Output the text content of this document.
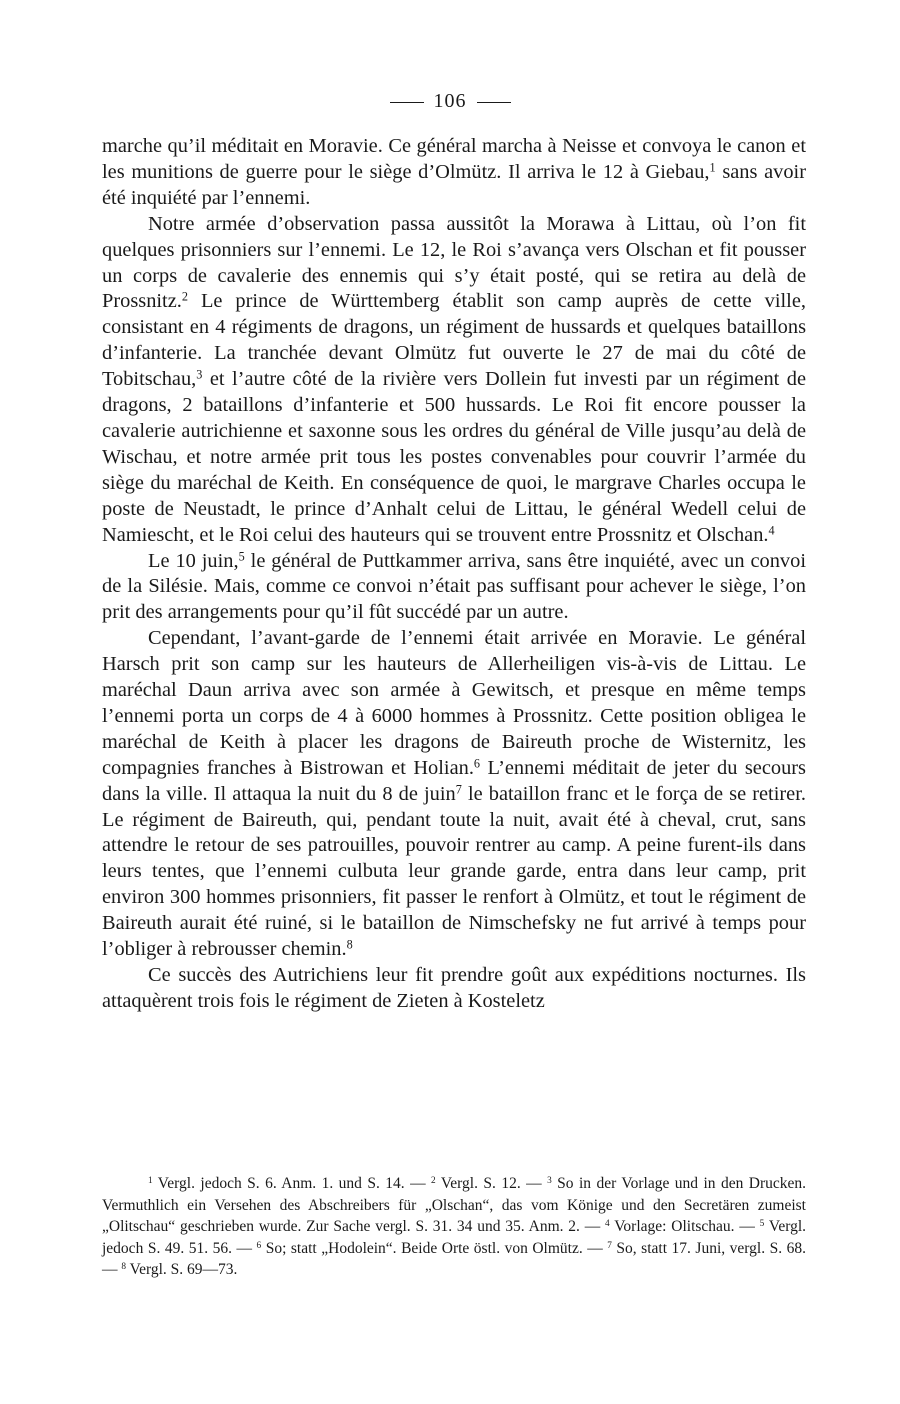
106

marche qu’il méditait en Moravie. Ce général marcha à Neisse et convoya le canon et les munitions de guerre pour le siège d’Olmütz. Il arriva le 12 à Giebau,$^1$ sans avoir été inquiété par l’ennemi.

Notre armée d’observation passa aussitôt la Morawa à Littau, où l’on fit quelques prisonniers sur l’ennemi. Le 12, le Roi s’avança vers Olschan et fit pousser un corps de cavalerie des ennemis qui s’y était posté, qui se retira au delà de Prossnitz.$^2$ Le prince de Württemberg établit son camp auprès de cette ville, consistant en 4 régiments de dragons, un régiment de hussards et quelques bataillons d’infanterie. La tranchée devant Olmütz fut ouverte le 27 de mai du côté de Tobitschau,$^3$ et l’autre côté de la rivière vers Dollein fut investi par un régiment de dragons, 2 bataillons d’infanterie et 500 hussards. Le Roi fit encore pousser la cavalerie autrichienne et saxonne sous les ordres du général de Ville jusqu’au delà de Wischau, et notre armée prit tous les postes convenables pour couvrir l’armée du siège du maréchal de Keith. En conséquence de quoi, le margrave Charles occupa le poste de Neustadt, le prince d’Anhalt celui de Littau, le général Wedell celui de Namiescht, et le Roi celui des hauteurs qui se trouvent entre Prossnitz et Olschan.$^4$

Le 10 juin,$^5$ le général de Puttkammer arriva, sans être inquiété, avec un convoi de la Silésie. Mais, comme ce convoi n’était pas suffisant pour achever le siège, l’on prit des arrangements pour qu’il fût succédé par un autre.

Cependant, l’avant-garde de l’ennemi était arrivée en Moravie. Le général Harsch prit son camp sur les hauteurs de Allerheiligen vis-à-vis de Littau. Le maréchal Daun arriva avec son armée à Gewitsch, et presque en même temps l’ennemi porta un corps de 4 à 6000 hommes à Prossnitz. Cette position obligea le maréchal de Keith à placer les dragons de Baireuth proche de Wisternitz, les compagnies franches à Bistrowan et Holian.$^6$ L’ennemi méditait de jeter du secours dans la ville. Il attaqua la nuit du 8 de juin$^7$ le bataillon franc et le força de se retirer. Le régiment de Baireuth, qui, pendant toute la nuit, avait été à cheval, crut, sans attendre le retour de ses patrouilles, pouvoir rentrer au camp. A peine furent-ils dans leurs tentes, que l’ennemi culbuta leur grande garde, entra dans leur camp, prit environ 300 hommes prisonniers, fit passer le renfort à Olmütz, et tout le régiment de Baireuth aurait été ruiné, si le bataillon de Nimschefsky ne fut arrivé à temps pour l’obliger à rebrousser chemin.$^8$

Ce succès des Autrichiens leur fit prendre goût aux expéditions nocturnes. Ils attaquèrent trois fois le régiment de Zieten à Kosteletz

$^1$ Vergl. jedoch S. 6. Anm. 1. und S. 14. — $^2$ Vergl. S. 12. — $^3$ So in der Vorlage und in den Drucken. Vermuthlich ein Versehen des Abschreibers für „Olschan“, das vom Könige und den Secretären zumeist „Olitschau“ geschrieben wurde. Zur Sache vergl. S. 31. 34 und 35. Anm. 2. — $^4$ Vorlage: Olitschau. — $^5$ Vergl. jedoch S. 49. 51. 56. — $^6$ So; statt „Hodolein“. Beide Orte östl. von Olmütz. — $^7$ So, statt 17. Juni, vergl. S. 68. — $^8$ Vergl. S. 69—73.
